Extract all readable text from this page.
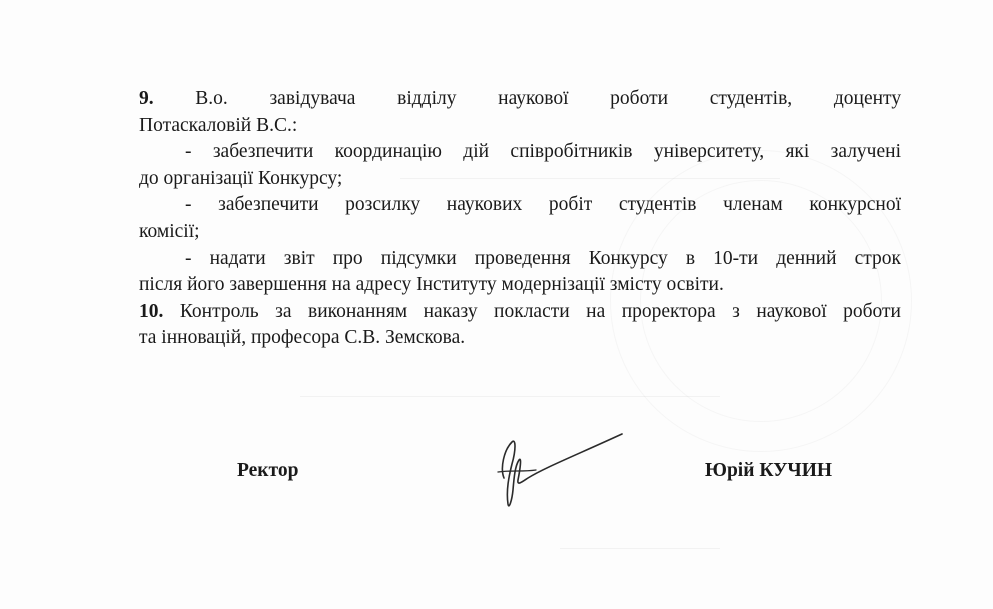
9. В.о. завідувача відділу наукової роботи студентів, доценту

Потаскаловій В.С.:

- забезпечити координацію дій співробітників університету, які залучені

до організації Конкурсу;

- забезпечити розсилку наукових робіт студентів членам конкурсної

комісії;

- надати звіт про підсумки проведення Конкурсу в 10-ти денний строк

після його завершення на адресу Інституту модернізації змісту освіти.

10. Контроль за виконанням наказу покласти на проректора з наукової роботи

та інновацій, професора С.В. Земскова.

Ректор	Юрій КУЧИН
